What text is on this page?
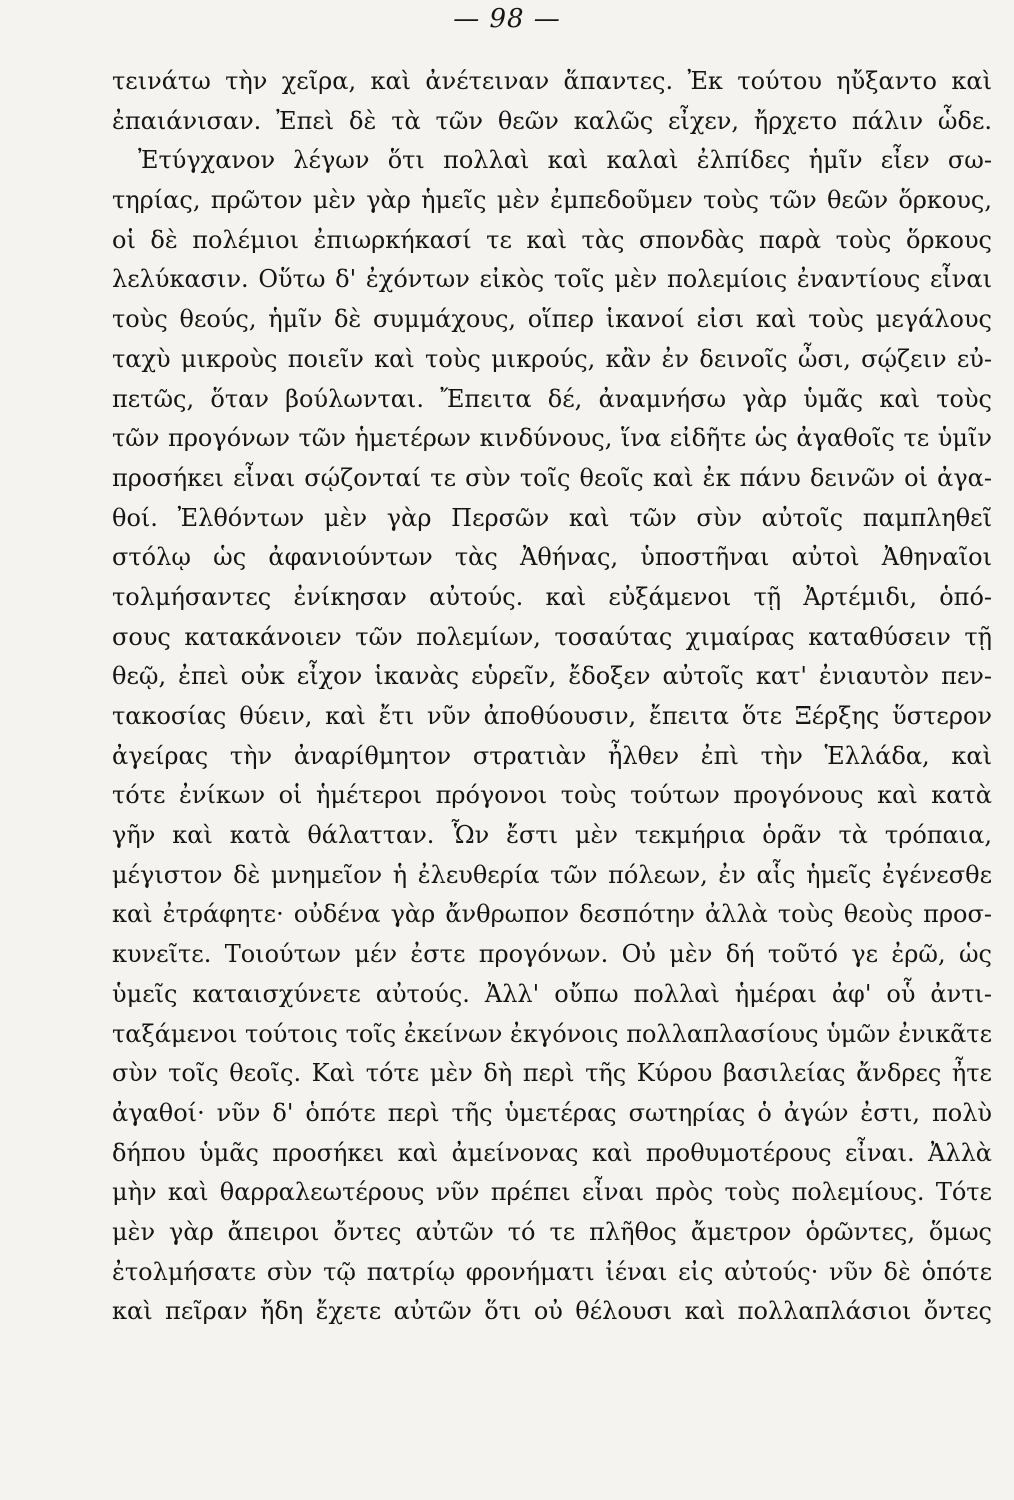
— 98 —
τεινάτω τὴν χεῖρα, καὶ ἀνέτειναν ἅπαντες. Ἐκ τούτου ηὔξαντο καὶ
ἐπαιάνισαν. Ἐπεὶ δὲ τὰ τῶν θεῶν καλῶς εἶχεν, ἤρχετο πάλιν ὧδε.
Ἐτύγχανον λέγων ὅτι πολλαὶ καὶ καλαὶ ἐλπίδες ἡμῖν εἶεν σω-
τηρίας, πρῶτον μὲν γὰρ ἡμεῖς μὲν ἐμπεδοῦμεν τοὺς τῶν θεῶν ὅρκους,
οἱ δὲ πολέμιοι ἐπιωρκήκασί τε καὶ τὰς σπονδὰς παρὰ τοὺς ὅρκους
λελύκασιν. Οὕτω δ' ἐχόντων εἰκὸς τοῖς μὲν πολεμίοις ἐναντίους εἶναι
τοὺς θεούς, ἡμῖν δὲ συμμάχους, οἵπερ ἱκανοί εἰσι καὶ τοὺς μεγάλους
ταχὺ μικροὺς ποιεῖν καὶ τοὺς μικρούς, κἂν ἐν δεινοῖς ὦσι, σῴζειν εὐ-
πετῶς, ὅταν βούλωνται. Ἔπειτα δέ, ἀναμνήσω γὰρ ὑμᾶς καὶ τοὺς
τῶν προγόνων τῶν ἡμετέρων κινδύνους, ἵνα εἰδῆτε ὡς ἀγαθοῖς τε ὑμῖν
προσήκει εἶναι σῴζονταί τε σὺν τοῖς θεοῖς καὶ ἐκ πάνυ δεινῶν οἱ ἀγα-
θοί. Ἐλθόντων μὲν γὰρ Περσῶν καὶ τῶν σὺν αὐτοῖς παμπληθεῖ
στόλῳ ὡς ἀφανιούντων τὰς Ἀθήνας, ὑποστῆναι αὐτοὶ Ἀθηναῖοι
τολμήσαντες ἐνίκησαν αὐτούς. καὶ εὐξάμενοι τῇ Ἀρτέμιδι, ὁπό-
σους κατακάνοιεν τῶν πολεμίων, τοσαύτας χιμαίρας καταθύσειν τῇ
θεῷ, ἐπεὶ οὐκ εἶχον ἱκανὰς εὑρεῖν, ἔδοξεν αὐτοῖς κατ' ἐνιαυτὸν πεν-
τακοσίας θύειν, καὶ ἔτι νῦν ἀποθύουσιν, ἔπειτα ὅτε Ξέρξης ὕστερον
ἀγείρας τὴν ἀναρίθμητον στρατιὰν ἦλθεν ἐπὶ τὴν Ἑλλάδα, καὶ
τότε ἐνίκων οἱ ἡμέτεροι πρόγονοι τοὺς τούτων προγόνους καὶ κατὰ
γῆν καὶ κατὰ θάλατταν. Ὧν ἔστι μὲν τεκμήρια ὁρᾶν τὰ τρόπαια,
μέγιστον δὲ μνημεῖον ἡ ἐλευθερία τῶν πόλεων, ἐν αἷς ἡμεῖς ἐγένεσθε
καὶ ἐτράφητε· οὐδένα γὰρ ἄνθρωπον δεσπότην ἀλλὰ τοὺς θεοὺς προσ-
κυνεῖτε. Τοιούτων μέν ἐστε προγόνων. Οὐ μὲν δή τοῦτό γε ἐρῶ, ὡς
ὑμεῖς καταισχύνετε αὐτούς. Ἀλλ' οὔπω πολλαὶ ἡμέραι ἀφ' οὗ ἀντι-
ταξάμενοι τούτοις τοῖς ἐκείνων ἐκγόνοις πολλαπλασίους ὑμῶν ἐνικᾶτε
σὺν τοῖς θεοῖς. Καὶ τότε μὲν δὴ περὶ τῆς Κύρου βασιλείας ἄνδρες ἦτε
ἀγαθοί· νῦν δ' ὁπότε περὶ τῆς ὑμετέρας σωτηρίας ὁ ἀγών ἐστι, πολὺ
δήπου ὑμᾶς προσήκει καὶ ἀμείνονας καὶ προθυμοτέρους εἶναι. Ἀλλὰ
μὴν καὶ θαρραλεωτέρους νῦν πρέπει εἶναι πρὸς τοὺς πολεμίους. Τότε
μὲν γὰρ ἄπειροι ὄντες αὐτῶν τό τε πλῆθος ἄμετρον ὁρῶντες, ὅμως
ἐτολμήσατε σὺν τῷ πατρίῳ φρονήματι ἰέναι εἰς αὐτούς· νῦν δὲ ὁπότε
καὶ πεῖραν ἤδη ἔχετε αὐτῶν ὅτι οὐ θέλουσι καὶ πολλαπλάσιοι ὄντες
